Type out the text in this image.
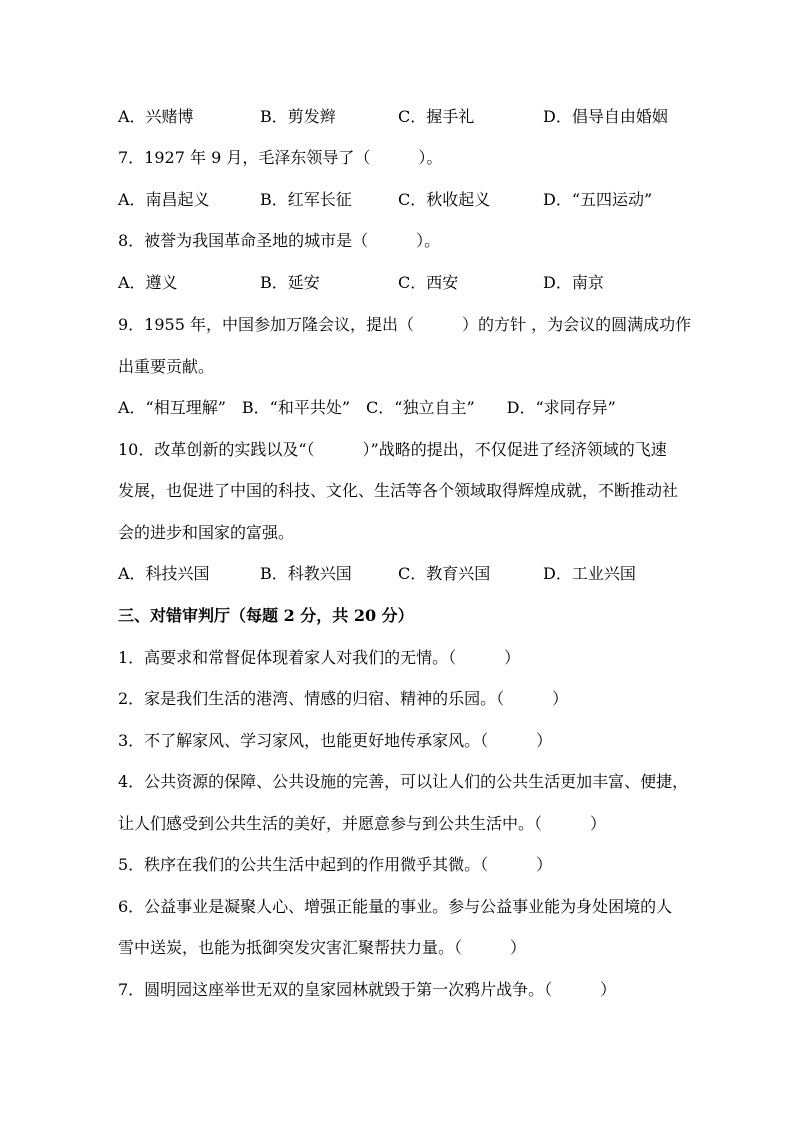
A．兴赌博	B．剪发辫	C．握手礼	D．倡导自由婚姻
7．1927 年 9 月，毛泽东领导了（　　　）。
A．南昌起义	B．红军长征	C．秋收起义	D．“五四运动”
8．被誉为我国革命圣地的城市是（　　　）。
A．遵义	B．延安	C．西安	D．南京
9．1955 年，中国参加万隆会议，提出（　　　）的方针 ，为会议的圆满成功作
出重要贡献。
A．“相互理解”　B．“和平共处”　C．“独立自主”　　D．“求同存异”
10．改革创新的实践以及“（　　　）”战略的提出，不仅促进了经济领域的飞速
发展，也促进了中国的科技、文化、生活等各个领域取得辉煌成就，不断推动社
会的进步和国家的富强。
A．科技兴国	B．科教兴国	C．教育兴国	D．工业兴国
三、对错审判厅（每题 2 分，共 20 分）
1．高要求和常督促体现着家人对我们的无情。（　　　）
2．家是我们生活的港湾、情感的归宿、精神的乐园。（　　　）
3．不了解家风、学习家风，也能更好地传承家风。（　　　）
4．公共资源的保障、公共设施的完善，可以让人们的公共生活更加丰富、便捷，
让人们感受到公共生活的美好，并愿意参与到公共生活中。（　　　）
5．秩序在我们的公共生活中起到的作用微乎其微。（　　　）
6．公益事业是凝聚人心、增强正能量的事业。参与公益事业能为身处困境的人
雪中送炭，也能为抵御突发灾害汇聚帮扶力量。（　　　）
7．圆明园这座举世无双的皇家园林就毁于第一次鸦片战争。（　　　）
